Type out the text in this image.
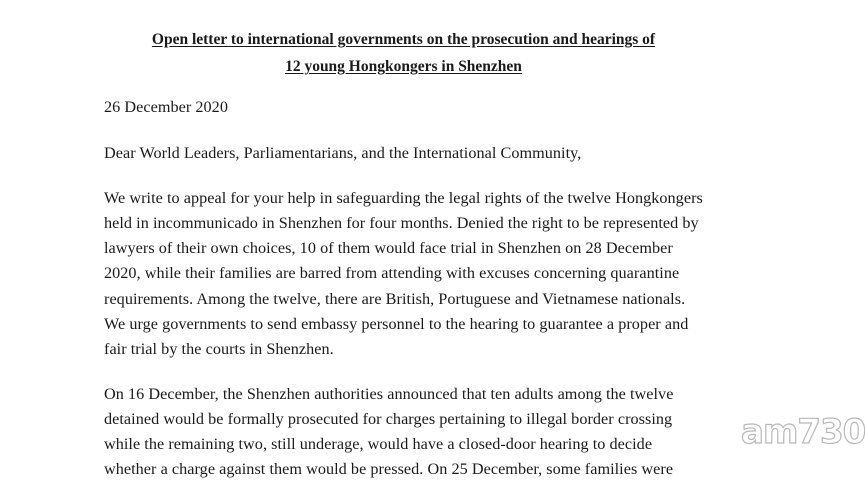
Open letter to international governments on the prosecution and hearings of
12 young Hongkongers in Shenzhen
26 December 2020
Dear World Leaders, Parliamentarians, and the International Community,
We write to appeal for your help in safeguarding the legal rights of the twelve Hongkongers
held in incommunicado in Shenzhen for four months. Denied the right to be represented by
lawyers of their own choices, 10 of them would face trial in Shenzhen on 28 December
2020, while their families are barred from attending with excuses concerning quarantine
requirements. Among the twelve, there are British, Portuguese and Vietnamese nationals.
We urge governments to send embassy personnel to the hearing to guarantee a proper and
fair trial by the courts in Shenzhen.
On 16 December, the Shenzhen authorities announced that ten adults among the twelve
detained would be formally prosecuted for charges pertaining to illegal border crossing
while the remaining two, still underage, would have a closed-door hearing to decide
whether a charge against them would be pressed. On 25 December, some families were
am730
